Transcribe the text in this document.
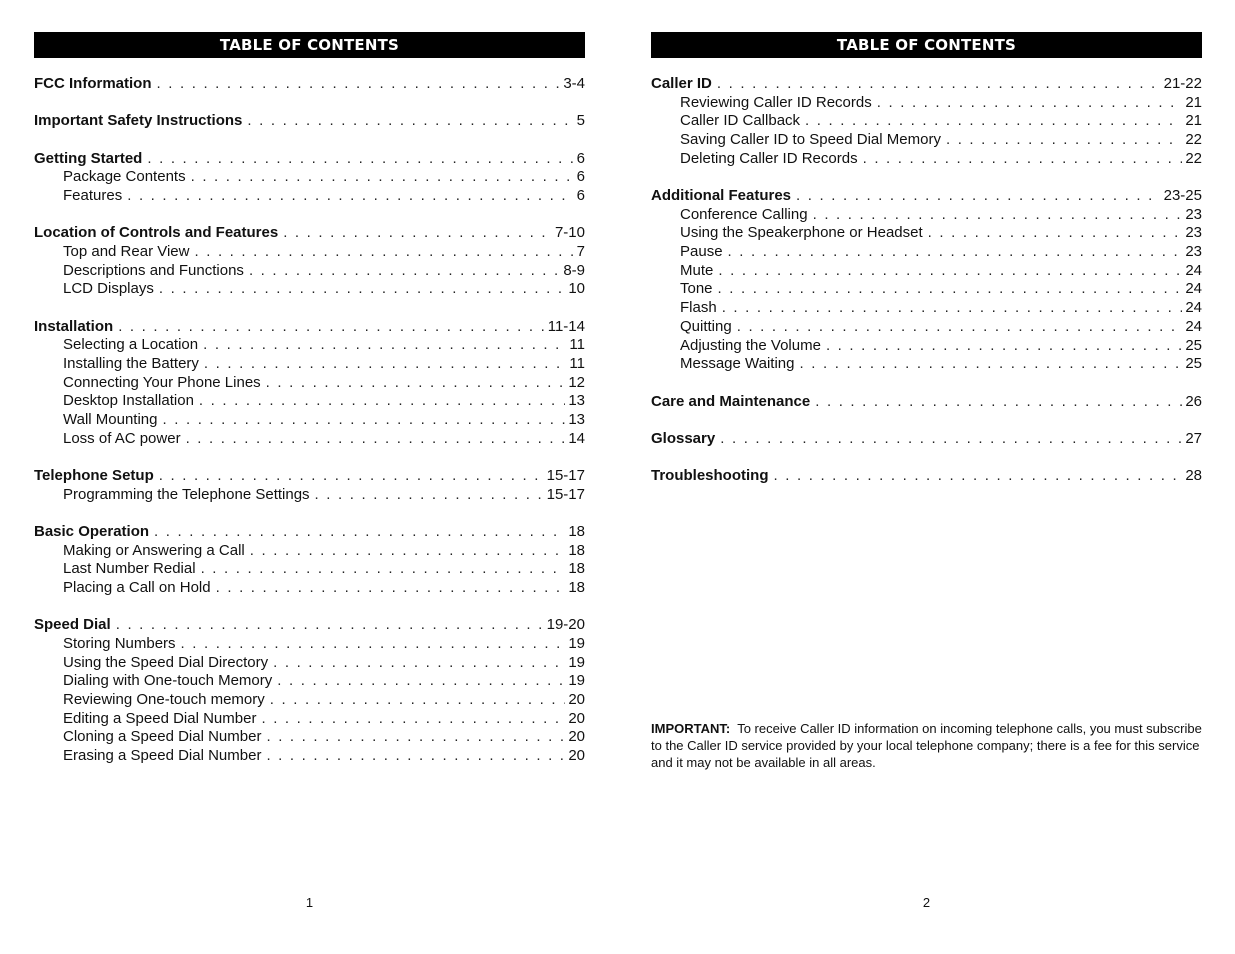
TABLE OF CONTENTS
FCC Information . . .	3-4
Important Safety Instructions . . .	5
Getting Started . . .	6
Package Contents . . .	6
Features . . .	6
Location of Controls and Features . . .	7-10
Top and Rear View . . .	7
Descriptions and Functions . . .	8-9
LCD Displays . . .	10
Installation . . .	11-14
Selecting a Location . . .	11
Installing the Battery . . .	11
Connecting Your Phone Lines . . .	12
Desktop Installation . . .	13
Wall Mounting . . .	13
Loss of AC power . . .	14
Telephone Setup . . .	15-17
Programming the Telephone Settings . . .	15-17
Basic Operation . . .	18
Making or Answering a Call . . .	18
Last Number Redial . . .	18
Placing a Call on Hold . . .	18
Speed Dial . . .	19-20
Storing Numbers . . .	19
Using the Speed Dial Directory . . .	19
Dialing with One-touch Memory . . .	19
Reviewing One-touch memory . . .	20
Editing a Speed Dial Number . . .	20
Cloning a Speed Dial Number . . .	20
Erasing a Speed Dial Number . . .	20
1
TABLE OF CONTENTS
Caller ID . . .	21-22
Reviewing Caller ID Records . . .	21
Caller ID Callback . . .	21
Saving Caller ID to Speed Dial Memory . . .	22
Deleting Caller ID Records . . .	22
Additional Features . . .	23-25
Conference Calling . . .	23
Using the Speakerphone or Headset . . .	23
Pause . . .	23
Mute . . .	24
Tone . . .	24
Flash . . .	24
Quitting . . .	24
Adjusting the Volume . . .	25
Message Waiting . . .	25
Care and Maintenance . . .	26
Glossary . . .	27
Troubleshooting . . .	28
IMPORTANT: To receive Caller ID information on incoming telephone calls, you must subscribe to the Caller ID service provided by your local telephone company; there is a fee for this service and it may not be available in all areas.
2
